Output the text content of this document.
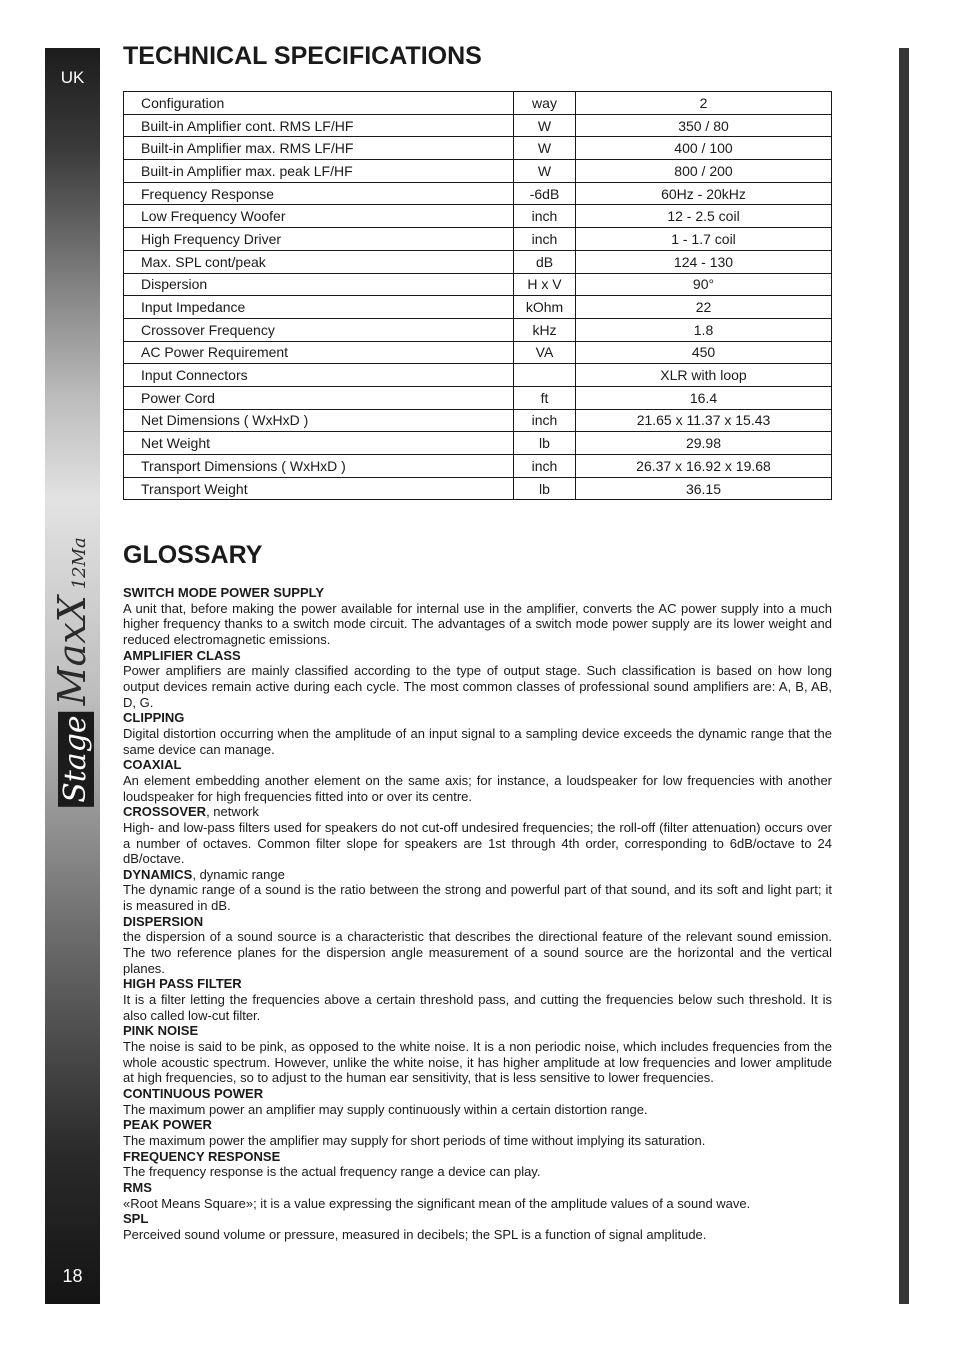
UK
Stage
MaxX
12Ma
18
TECHNICAL SPECIFICATIONS
Configuration	way	2
Built-in Amplifier cont. RMS LF/HF	W	350 / 80
Built-in Amplifier max. RMS LF/HF	W	400 / 100
Built-in Amplifier max. peak LF/HF	W	800 / 200
Frequency Response	-6dB	60Hz - 20kHz
Low Frequency Woofer	inch	12 - 2.5 coil
High Frequency Driver	inch	1 - 1.7 coil
Max. SPL cont/peak	dB	124 - 130
Dispersion	H x V	90°
Input Impedance	kOhm	22
Crossover Frequency	kHz	1.8
AC Power Requirement	VA	450
Input Connectors		XLR with loop
Power Cord	ft	16.4
Net Dimensions ( WxHxD )	inch	21.65 x 11.37 x 15.43
Net Weight	lb	29.98
Transport Dimensions ( WxHxD )	inch	26.37 x 16.92 x 19.68
Transport Weight	lb	36.15
GLOSSARY
SWITCH MODE POWER SUPPLY

A unit that, before making the power available for internal use in the amplifier, converts the AC power supply into a much higher frequency thanks to a switch mode circuit. The advantages of a switch mode power supply are its lower weight and reduced electromagnetic emissions.

AMPLIFIER CLASS

Power amplifiers are mainly classified according to the type of output stage. Such classification is based on how long output devices remain active during each cycle. The most common classes of professional sound amplifiers are: A, B, AB, D, G.

CLIPPING

Digital distortion occurring when the amplitude of an input signal to a sampling device exceeds the dynamic range that the same device can manage.

COAXIAL

An element embedding another element on the same axis; for instance, a loudspeaker for low frequencies with another loudspeaker for high frequencies fitted into or over its centre.

CROSSOVER, network

High- and low-pass filters used for speakers do not cut-off undesired frequencies; the roll-off (filter attenuation) occurs over a number of octaves. Common filter slope for speakers are 1st through 4th order, corresponding to 6dB/octave to 24 dB/octave.

DYNAMICS, dynamic range

The dynamic range of a sound is the ratio between the strong and powerful part of that sound, and its soft and light part; it is measured in dB.

DISPERSION

the dispersion of a sound source is a characteristic that describes the directional feature of the relevant sound emission. The two reference planes for the dispersion angle measurement of a sound source are the horizontal and the vertical planes.

HIGH PASS FILTER

It is a filter letting the frequencies above a certain threshold pass, and cutting the frequencies below such threshold. It is also called low-cut filter.

PINK NOISE

The noise is said to be pink, as opposed to the white noise. It is a non periodic noise, which includes frequencies from the whole acoustic spectrum. However, unlike the white noise, it has higher amplitude at low frequencies and lower amplitude at high frequencies, so to adjust to the human ear sensitivity, that is less sensitive to lower frequencies.

CONTINUOUS POWER

The maximum power an amplifier may supply continuously within a certain distortion range.

PEAK POWER

The maximum power the amplifier may supply for short periods of time without implying its saturation.

FREQUENCY RESPONSE

The frequency response is the actual frequency range a device can play.

RMS

«Root Means Square»; it is a value expressing the significant mean of the amplitude values of a sound wave.

SPL

Perceived sound volume or pressure, measured in decibels; the SPL is a function of signal amplitude.
